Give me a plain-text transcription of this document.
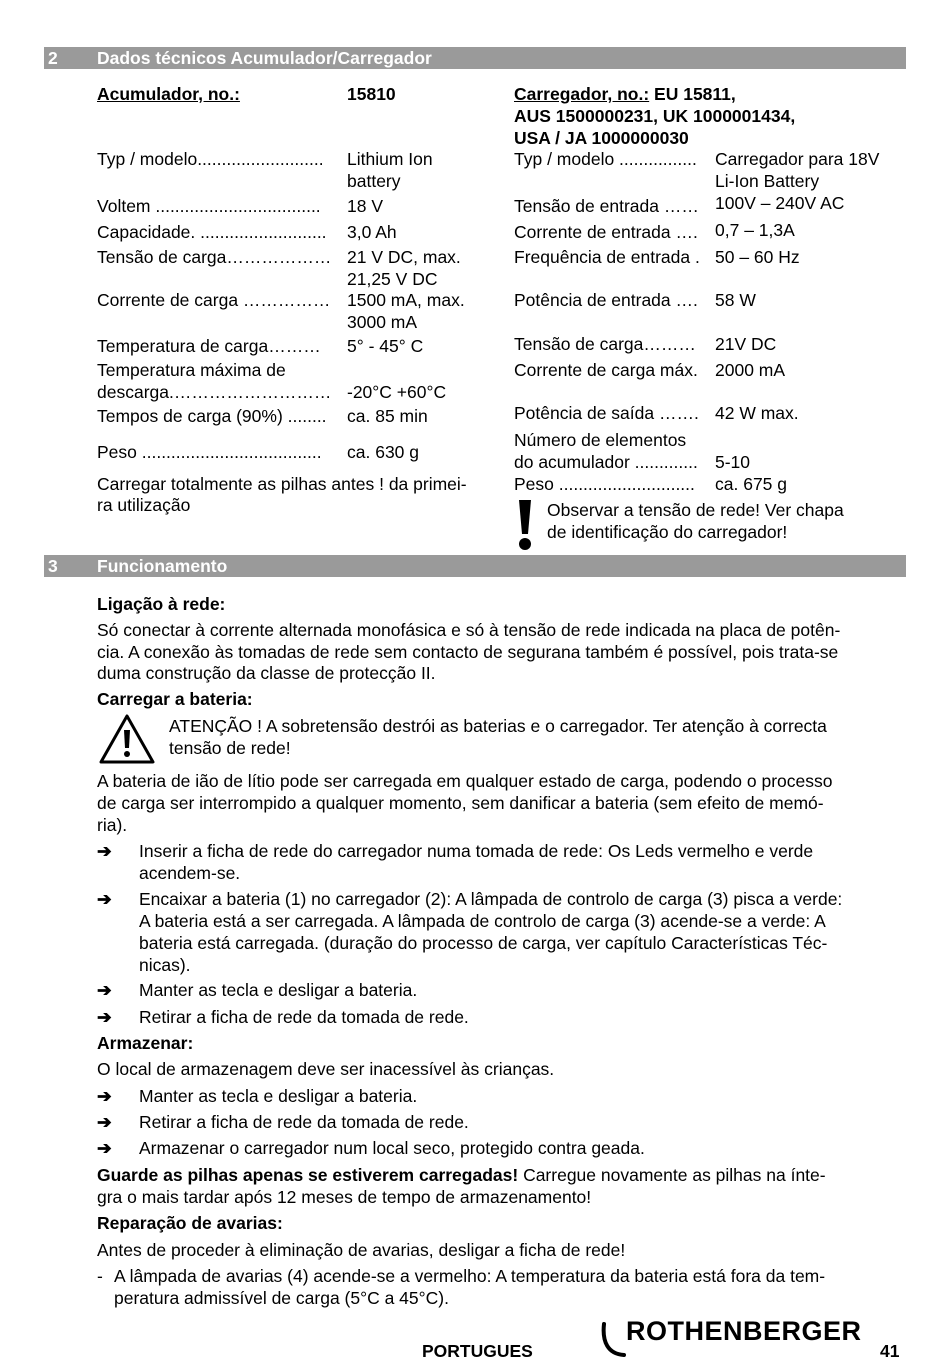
2 Dados técnicos Acumulador/Carregador
Acumulador, no.:	15810
Typ / modelo.......................... Lithium Ion
battery
Voltem .................................. 18 V
Capacidade. .......................... 3,0 Ah
Tensão de carga……………… 21 V DC, max.
21,25 V DC
Corrente de carga …………… 1500 mA, max.
3000 mA
Temperatura de carga……… 5° - 45° C
Temperatura máxima de
descarga.……………………… -20°C +60°C
Tempos de carga (90%) ........ ca. 85 min
Peso ..................................... ca. 630 g
Carregar totalmente as pilhas antes ! da primei-
ra utilização
Carregador, no.: EU 15811,
AUS 1500000231, UK 1000001434,
USA / JA 1000000030
Typ / modelo ................ Carregador para 18V
Li-Ion Battery
Tensão de entrada …… 100V – 240V AC
Corrente de entrada …. 0,7 – 1,3A
Frequência de entrada . 50 – 60 Hz
Potência de entrada …. 58 W
Tensão de carga……… 21V DC
Corrente de carga máx. 2000 mA
Potência de saída ……. 42 W max.
Número de elementos
do acumulador ............. 5-10
Peso ............................ ca. 675 g
Observar a tensão de rede! Ver chapa
de identificação do carregador!
3 Funcionamento
Ligação à rede:
Só conectar à corrente alternada monofásica e só à tensão de rede indicada na placa de potên-
cia. A conexão às tomadas de rede sem contacto de segurana também é possível, pois trata-se
duma construção da classe de protecção II.
Carregar a bateria:
ATENÇÃO ! A sobretensão destrói as baterias e o carregador. Ter atenção à correcta
tensão de rede!
A bateria de ião de lítio pode ser carregada em qualquer estado de carga, podendo o processo
de carga ser interrompido a qualquer momento, sem danificar a bateria (sem efeito de memó-
ria).
➔ Inserir a ficha de rede do carregador numa tomada de rede: Os Leds vermelho e verde
acendem-se.
➔ Encaixar a bateria (1) no carregador (2): A lâmpada de controlo de carga (3) pisca a verde:
A bateria está a ser carregada. A lâmpada de controlo de carga (3) acende-se a verde: A
bateria está carregada. (duração do processo de carga, ver capítulo Características Téc-
nicas).
➔ Manter as tecla e desligar a bateria.
➔ Retirar a ficha de rede da tomada de rede.
Armazenar:
O local de armazenagem deve ser inacessível às crianças.
➔ Manter as tecla e desligar a bateria.
➔ Retirar a ficha de rede da tomada de rede.
➔ Armazenar o carregador num local seco, protegido contra geada.
Guarde as pilhas apenas se estiverem carregadas! Carregue novamente as pilhas na ínte-
gra o mais tardar após 12 meses de tempo de armazenamento!
Reparação de avarias:
Antes de proceder à eliminação de avarias, desligar a ficha de rede!
- A lâmpada de avarias (4) acende-se a vermelho: A temperatura da bateria está fora da tem-
peratura admissível de carga (5°C a 45°C).
PORTUGUES
ROTHENBERGER
41
